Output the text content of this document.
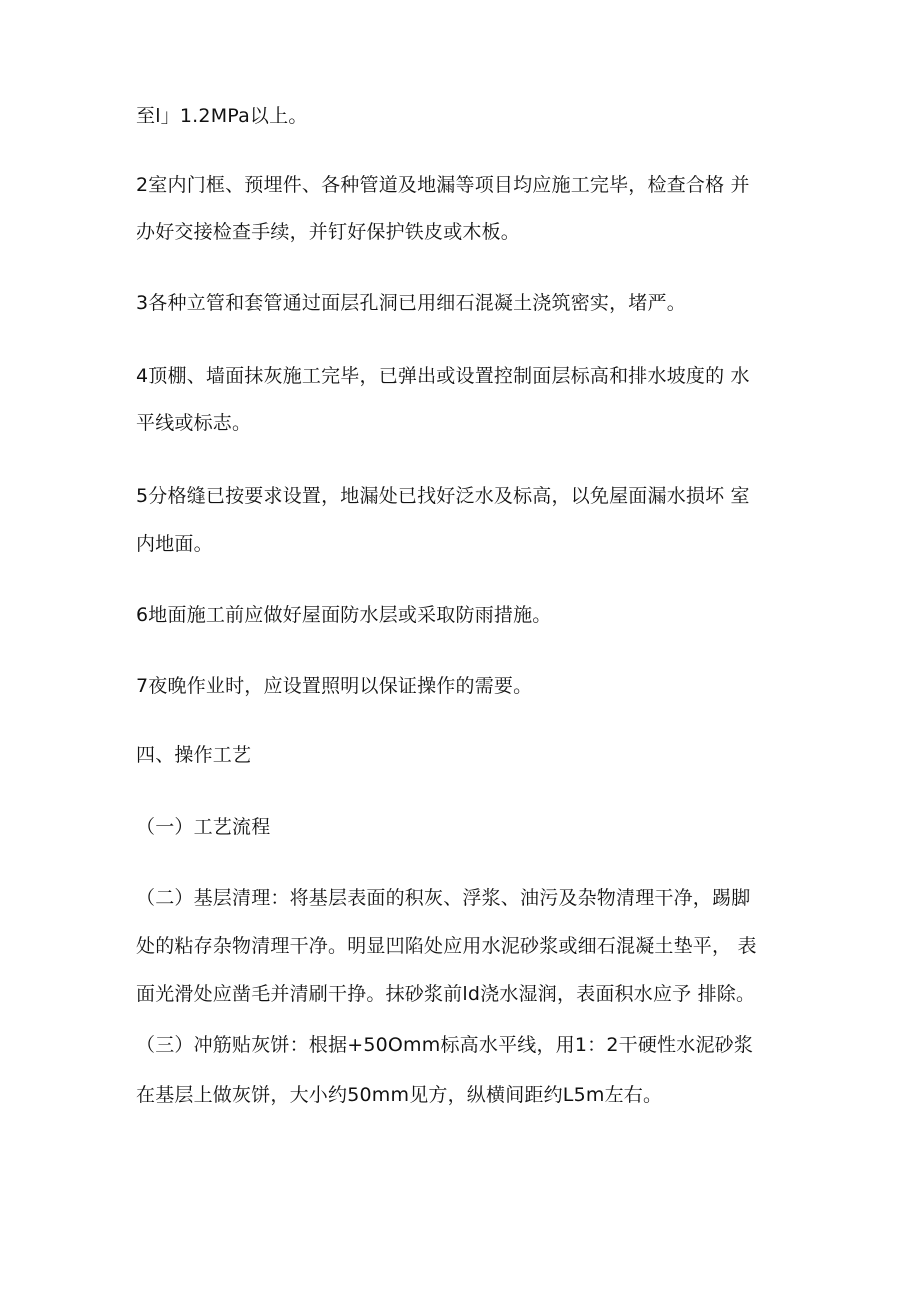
至l」1.2MPa以上。
2室内门框、预埋件、各种管道及地漏等项目均应施工完毕，检查合格 并
办好交接检查手续，并钉好保护铁皮或木板。
3各种立管和套管通过面层孔洞已用细石混凝土浇筑密实，堵严。
4顶棚、墙面抹灰施工完毕，已弹出或设置控制面层标高和排水坡度的 水
平线或标志。
5分格缝已按要求设置，地漏处已找好泛水及标高，以免屋面漏水损坏 室
内地面。
6地面施工前应做好屋面防水层或采取防雨措施。
7夜晚作业时，应设置照明以保证操作的需要。
四、操作工艺
（一）工艺流程
（二）基层清理：将基层表面的积灰、浮浆、油污及杂物清理干净，踢脚
处的粘存杂物清理干净。明显凹陷处应用水泥砂浆或细石混凝土垫平， 表
面光滑处应凿毛并清刷干挣。抹砂浆前ld浇水湿润，表面积水应予 排除。
（三）冲筋贴灰饼：根据+50Omm标高水平线，用1：2干硬性水泥砂浆
在基层上做灰饼，大小约50mm见方，纵横间距约L5m左右。
